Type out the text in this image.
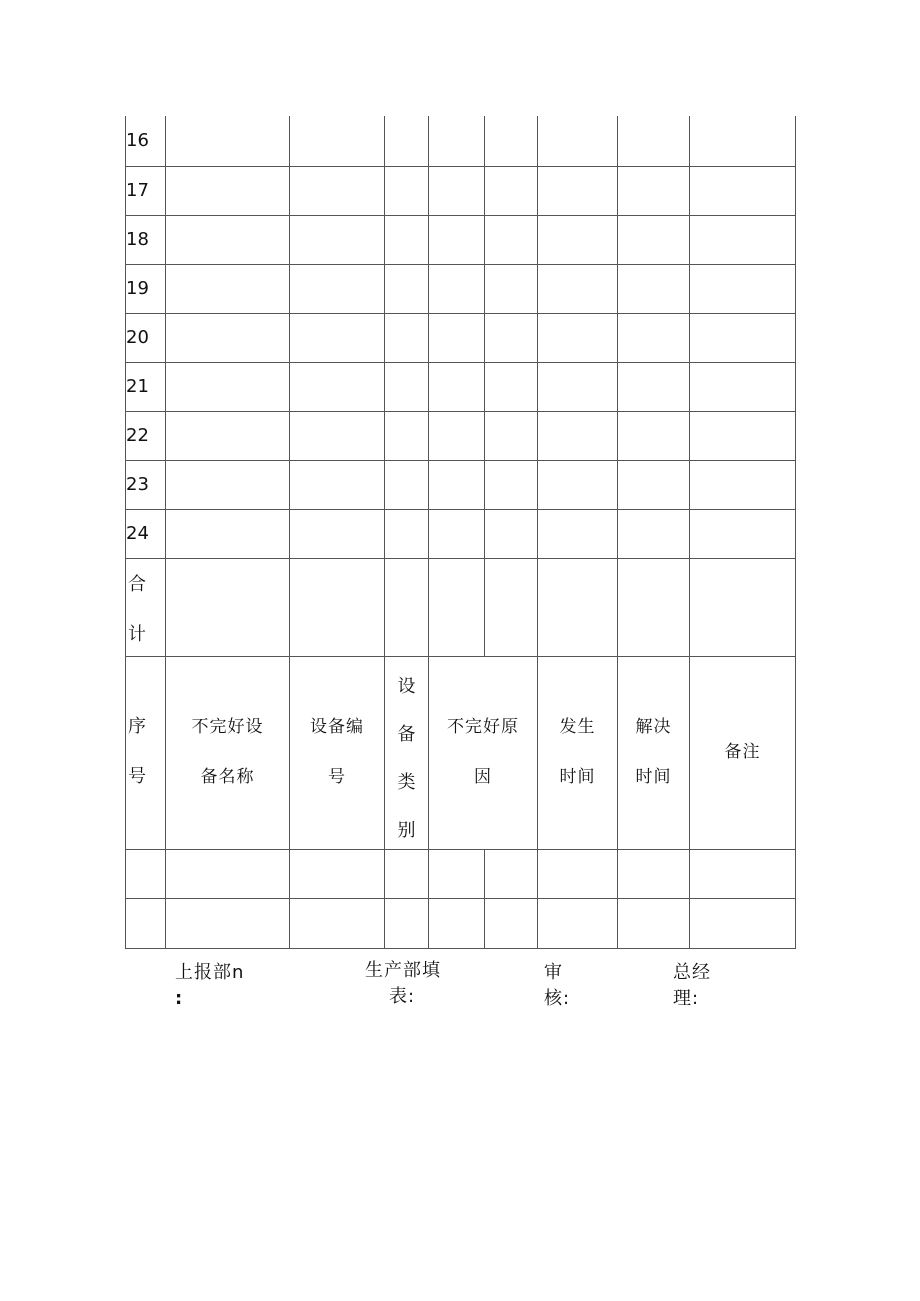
16
17
18
19
20
21
22
23
24
合
计
序
号
不完好设
备名称
设备编
号
设
备
类
别
不完好原
因
发生
时间
解决
时间
备注
上报部n
:
生产部填
表:
审
核:
总经
理:
